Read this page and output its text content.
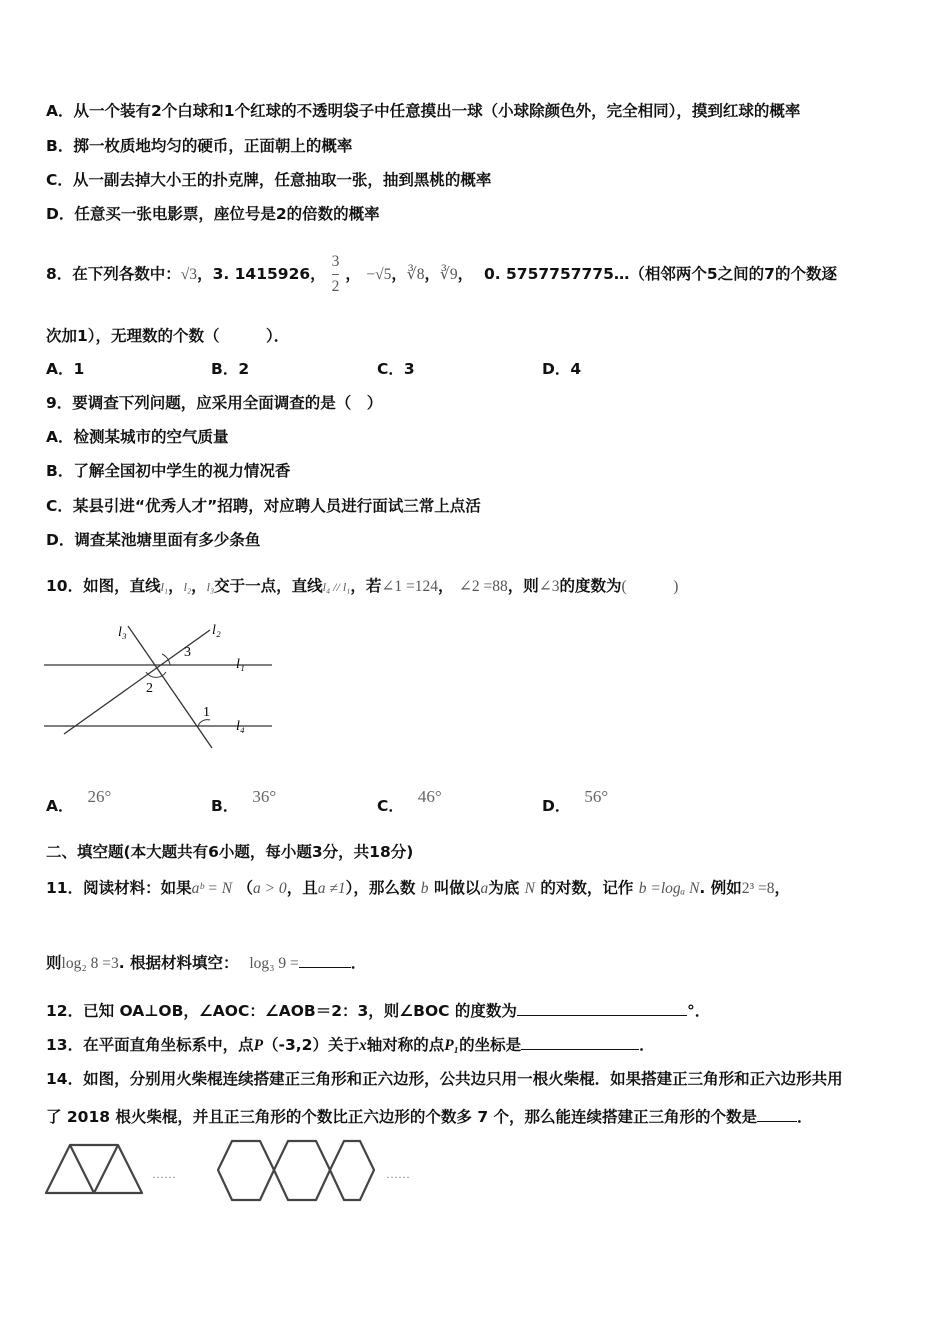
A．从一个装有2个白球和1个红球的不透明袋子中任意摸出一球（小球除颜色外，完全相同），摸到红球的概率
B．掷一枚质地均匀的硬币，正面朝上的概率
C．从一副去掉大小王的扑克牌，任意抽取一张，抽到黑桃的概率
D．任意买一张电影票，座位号是2的倍数的概率
8．在下列各数中：√3，3. 1415926， $\frac{3}{2}$ ， −√5，∛8，∛9， 0. 5757757775…（相邻两个5之间的7的个数逐
次加1），无理数的个数（　　　）．
A．1	B．2	C．3	D．4
9．要调查下列问题，应采用全面调查的是（　）
A．检测某城市的空气质量
B．了解全国初中学生的视力情况香
C．某县引进“优秀人才”招聘，对应聘人员进行面试三常上点活
D．调查某池塘里面有多少条鱼
10．如图，直线l₁，l₂，l₃交于一点，直线l₄ // l₁，若∠1 =124， ∠2 =88，则∠3的度数为(　　　)
l₃	l₂
l₁
l₄
3
2
1
A． 26°	B． 36°	C． 46°	D． 56°
二、填空题(本大题共有6小题，每小题3分，共18分)
11．阅读材料：如果aᵇ = N （a > 0，且a ≠1），那么数 b 叫做以a为底 N 的对数，记作 b =logₐ N. 例如2³ =8，
则log₂ 8 =3. 根据材料填空： log₃ 9 =	．
12．已知 OA⊥OB，∠AOC：∠AOB＝2：3，则∠BOC 的度数为	°．
13．在平面直角坐标系中，点P（-3,2）关于x轴对称的点P₁的坐标是	．
14．如图，分别用火柴棍连续搭建正三角形和正六边形，公共边只用一根火柴棍．如果搭建正三角形和正六边形共用
了 2018 根火柴棍，并且正三角形的个数比正六边形的个数多 7 个，那么能连续搭建正三角形的个数是	．
……	……
